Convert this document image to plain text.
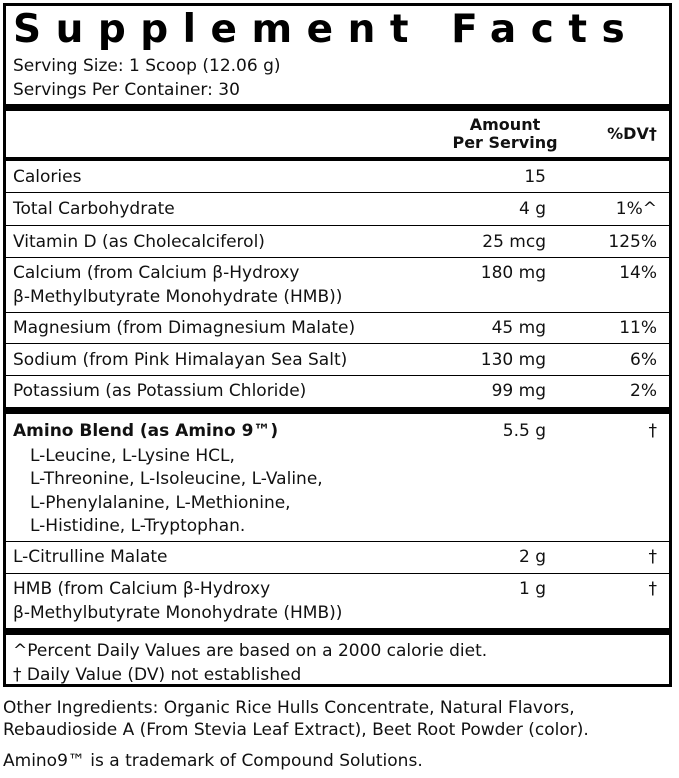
Supplement Facts
Serving Size: 1 Scoop (12.06 g)
Servings Per Container: 30
Amount
Per Serving	%DV†
Calories	15
Total Carbohydrate	4 g	1%^
Vitamin D (as Cholecalciferol)	25 mcg	125%
Calcium (from Calcium β-Hydroxy
β-Methylbutyrate Monohydrate (HMB))
180 mg	14%
Magnesium (from Dimagnesium Malate)	45 mg	11%
Sodium (from Pink Himalayan Sea Salt)	130 mg	6%
Potassium (as Potassium Chloride)	99 mg	2%
Amino Blend (as Amino 9™)	5.5 g	†
L-Leucine, L-Lysine HCL,
L-Threonine, L-Isoleucine, L-Valine,
L-Phenylalanine, L-Methionine,
L-Histidine, L-Tryptophan.
L-Citrulline Malate	2 g	†
HMB (from Calcium β-Hydroxy
β-Methylbutyrate Monohydrate (HMB))
1 g	†
^Percent Daily Values are based on a 2000 calorie diet.
† Daily Value (DV) not established
Other Ingredients: Organic Rice Hulls Concentrate, Natural Flavors,
Rebaudioside A (From Stevia Leaf Extract), Beet Root Powder (color).
Amino9™ is a trademark of Compound Solutions.
